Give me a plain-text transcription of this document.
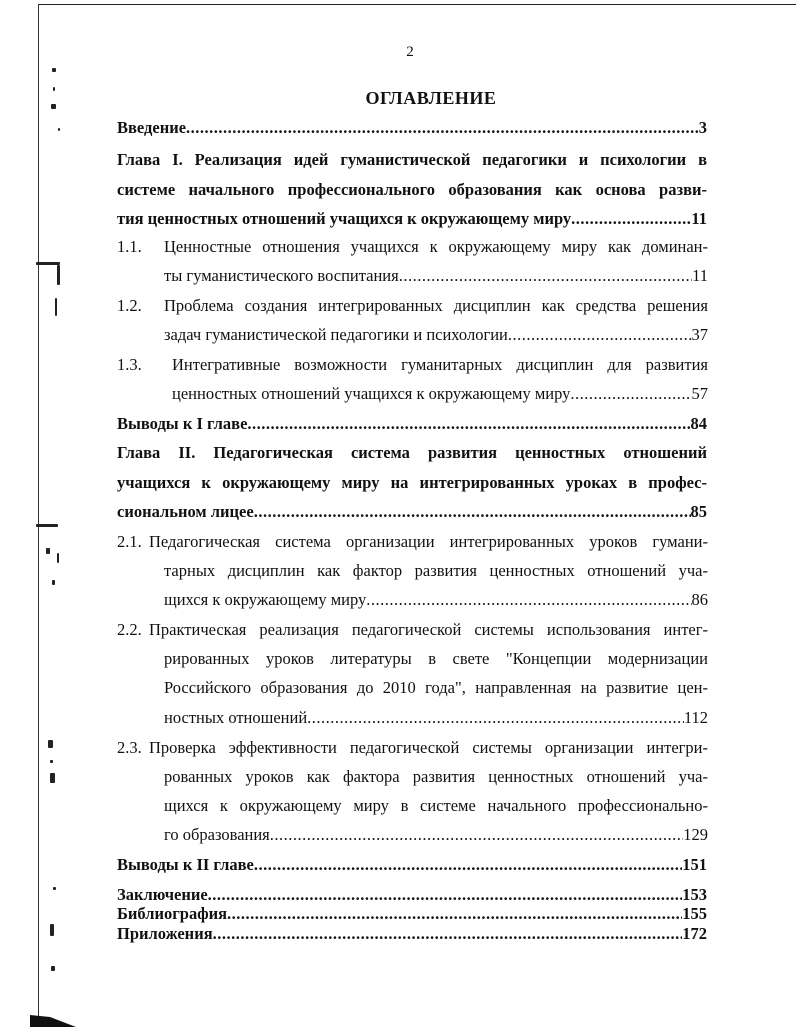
2
ОГЛАВЛЕНИЕ
Введение .....	3
Глава I. Реализация идей гуманистической педагогики и психологии в
системе начального профессионального образования как основа разви-
тия ценностных отношений учащихся к окружающему миру .....	11
1.1. Ценностные отношения учащихся к окружающему миру как доминан-
ты гуманистического воспитания .....	11
1.2. Проблема создания интегрированных дисциплин как средства решения
задач гуманистической педагогики и психологии .....	37
1.3. Интегративные возможности гуманитарных дисциплин для развития
ценностных отношений учащихся к окружающему миру .....	57
Выводы к I главе .....	84
Глава II. Педагогическая система развития ценностных отношений
учащихся к окружающему миру на интегрированных уроках в профес-
сиональном лицее .....	85
2.1. Педагогическая система организации интегрированных уроков гумани-
тарных дисциплин как фактор развития ценностных отношений уча-
щихся к окружающему миру .....	86
2.2. Практическая реализация педагогической системы использования интег-
рированных уроков литературы в свете "Концепции модернизации
Российского образования до 2010 года", направленная на развитие цен-
ностных отношений .....	112
2.3. Проверка эффективности педагогической системы организации интегри-
рованных уроков как фактора развития ценностных отношений уча-
щихся к окружающему миру в системе начального профессионально-
го образования .....	129
Выводы к II главе .....	151
Заключение .....	153
Библиография .....	155
Приложения .....	172
